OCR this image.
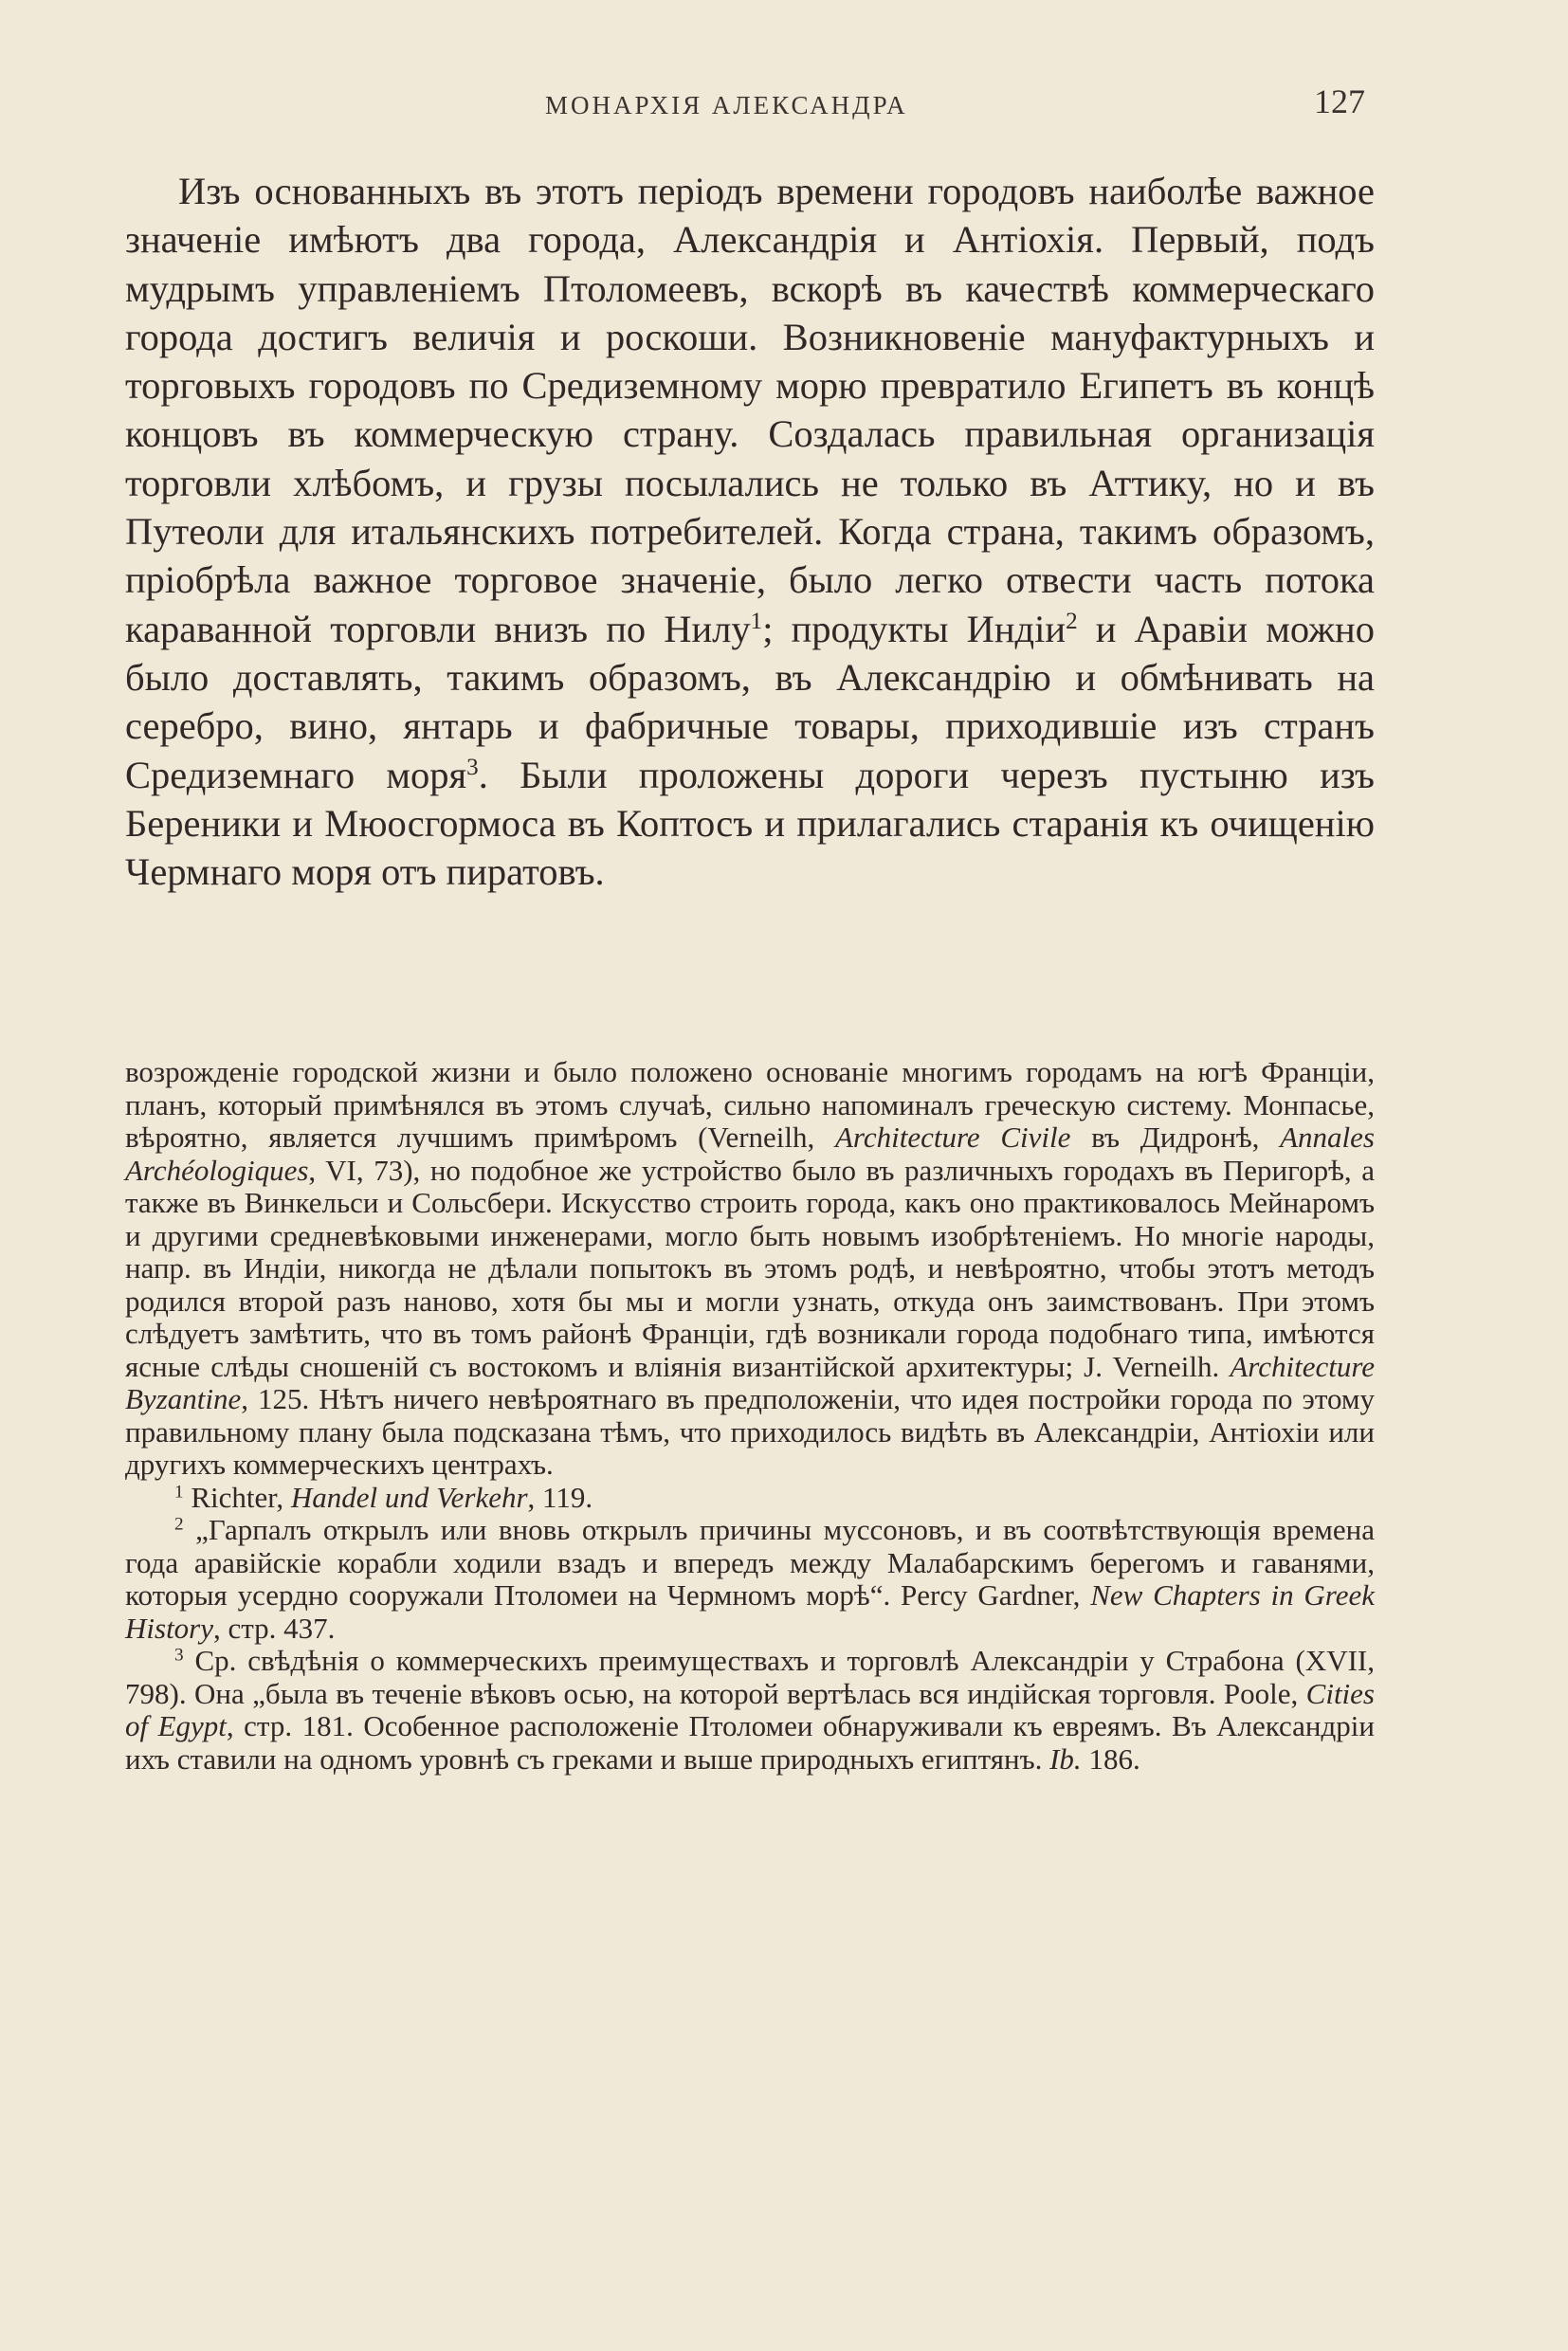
МОНАРХІЯ АЛЕКСАНДРА	127

Изъ основанныхъ въ этотъ періодъ времени городовъ наиболѣе важное значеніе имѣютъ два города, Александрія и Антіохія. Первый, подъ мудрымъ управленіемъ Птоломеевъ, вскорѣ въ качествѣ коммерческаго города достигъ величія и роскоши. Возникновеніе мануфактурныхъ и торговыхъ городовъ по Средиземному морю превратило Египетъ въ концѣ концовъ въ коммерческую страну. Создалась правильная организація торговли хлѣбомъ, и грузы посылались не только въ Аттику, но и въ Путеоли для итальянскихъ потребителей. Когда страна, такимъ образомъ, пріобрѣла важное торговое значеніе, было легко отвести часть потока караванной торговли внизъ по Нилу$^1$; продукты Индіи$^2$ и Аравіи можно было доставлять, такимъ образомъ, въ Александрію и обмѣнивать на серебро, вино, янтарь и фабричные товары, приходившіе изъ странъ Средиземнаго моря$^3$. Были проложены дороги черезъ пустыню изъ Береники и Мюосгормоса въ Коптосъ и прилагались старанія къ очищенію Чермнаго моря отъ пиратовъ.

возрожденіе городской жизни и было положено основаніе многимъ городамъ на югѣ Франціи, планъ, который примѣнялся въ этомъ случаѣ, сильно напоминалъ греческую систему. Монпасье, вѣроятно, является лучшимъ примѣромъ (Verneilh, Architecture Civile въ Дидронѣ, Annales Archéologiques, VI, 73), но подобное же устройство было въ различныхъ городахъ въ Перигорѣ, а также въ Винкельси и Сольсбери. Искусство строить города, какъ оно практиковалось Мейнаромъ и другими средневѣковыми инженерами, могло быть новымъ изобрѣтеніемъ. Но многіе народы, напр. въ Индіи, никогда не дѣлали попытокъ въ этомъ родѣ, и невѣроятно, чтобы этотъ методъ родился второй разъ наново, хотя бы мы и могли узнать, откуда онъ заимствованъ. При этомъ слѣдуетъ замѣтить, что въ томъ районѣ Франціи, гдѣ возникали города подобнаго типа, имѣются ясные слѣды сношеній съ востокомъ и вліянія византійской архитектуры; J. Verneilh. Architecture Byzantine, 125. Нѣтъ ничего невѣроятнаго въ предположеніи, что идея постройки города по этому правильному плану была подсказана тѣмъ, что приходилось видѣть въ Александріи, Антіохіи или другихъ коммерческихъ центрахъ.

$^1$ Richter, Handel und Verkehr, 119.

$^2$ „Гарпалъ открылъ или вновь открылъ причины муссоновъ, и въ соотвѣтствующія времена года аравійскіе корабли ходили взадъ и впередъ между Малабарскимъ берегомъ и гаванями, которыя усердно сооружали Птоломеи на Чермномъ морѣ“. Percy Gardner, New Chapters in Greek History, стр. 437.

$^3$ Ср. свѣдѣнія о коммерческихъ преимуществахъ и торговлѣ Александріи у Страбона (XVII, 798). Она „была въ теченіе вѣковъ осью, на которой вертѣлась вся индійская торговля. Poole, Cities of Egypt, стр. 181. Особенное расположеніе Птоломеи обнаруживали къ евреямъ. Въ Александріи ихъ ставили на одномъ уровнѣ съ греками и выше природныхъ египтянъ. Ib. 186.
